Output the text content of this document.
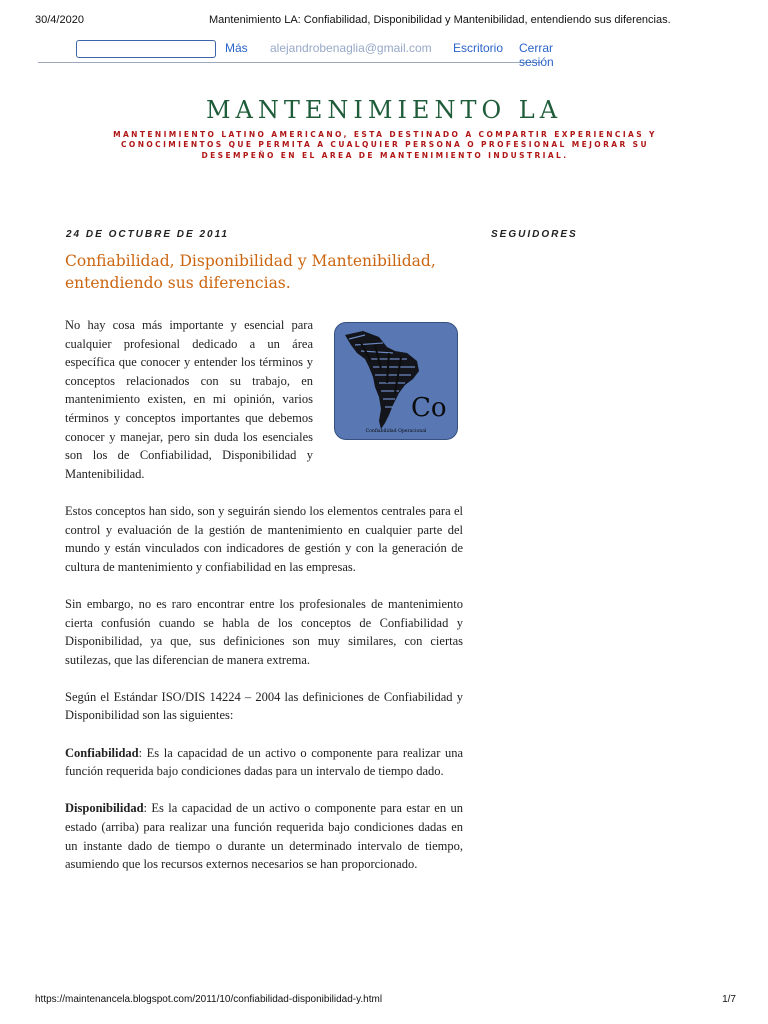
30/4/2020	Mantenimiento LA: Confiabilidad, Disponibilidad y Mantenibilidad, entendiendo sus diferencias.
Más alejandrobenaglia@gmail.com Escritorio Cerrar sesión
MANTENIMIENTO LA
MANTENIMIENTO LATINO AMERICANO, ESTA DESTINADO A COMPARTIR EXPERIENCIAS Y CONOCIMIENTOS QUE PERMITA A CUALQUIER PERSONA O PROFESIONAL MEJORAR SU DESEMPEÑO EN EL AREA DE MANTENIMIENTO INDUSTRIAL.
24 DE OCTUBRE DE 2011	SEGUIDORES
Confiabilidad, Disponibilidad y Mantenibilidad, entendiendo sus diferencias.
Co
Confiabilidad Operacional

No hay cosa más importante y esencial para cualquier profesional dedicado a un área específica que conocer y entender los términos y conceptos relacionados con su trabajo, en mantenimiento existen, en mi opinión, varios términos y conceptos importantes que debemos conocer y manejar, pero sin duda los esenciales son los de Confiabilidad, Disponibilidad y Mantenibilidad.

Estos conceptos han sido, son y seguirán siendo los elementos centrales para el control y evaluación de la gestión de mantenimiento en cualquier parte del mundo y están vinculados con indicadores de gestión y con la generación de cultura de mantenimiento y confiabilidad en las empresas.

Sin embargo, no es raro encontrar entre los profesionales de mantenimiento cierta confusión cuando se habla de los conceptos de Confiabilidad y Disponibilidad, ya que, sus definiciones son muy similares, con ciertas sutilezas, que las diferencian de manera extrema.

Según el Estándar ISO/DIS 14224 – 2004 las definiciones de Confiabilidad y Disponibilidad son las siguientes:

Confiabilidad: Es la capacidad de un activo o componente para realizar una función requerida bajo condiciones dadas para un intervalo de tiempo dado.

Disponibilidad: Es la capacidad de un activo o componente para estar en un estado (arriba) para realizar una función requerida bajo condiciones dadas en un instante dado de tiempo o durante un determinado intervalo de tiempo, asumiendo que los recursos externos necesarios se han proporcionado.

https://maintenancela.blogspot.com/2011/10/confiabilidad-disponibilidad-y.html	1/7
